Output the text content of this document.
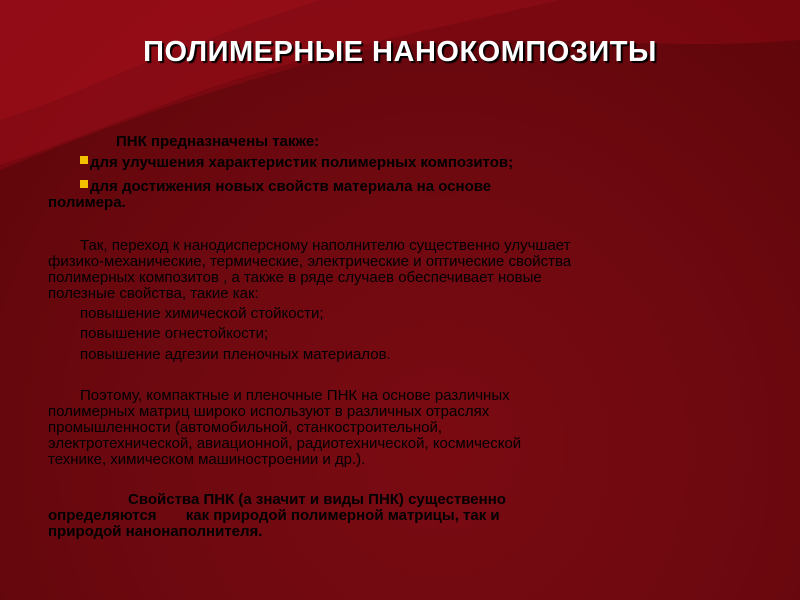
ПОЛИМЕРНЫЕ НАНОКОМПОЗИТЫ
ПНК предназначены также:
для улучшения характеристик полимерных композитов;
для достижения новых свойств материала на основе
полимера.
Так, переход к нанодисперсному наполнителю существенно улучшает
физико-механические, термические, электрические и оптические свойства
полимерных композитов , а также в ряде случаев обеспечивает новые
полезные свойства, такие как:
повышение химической стойкости;
повышение огнестойкости;
повышение адгезии пленочных материалов.
Поэтому, компактные и пленочные ПНК на основе различных
полимерных матриц широко используют в различных отраслях
промышленности (автомобильной, станкостроительной,
электротехнической, авиационной, радиотехнической, космической
технике, химическом машиностроении и др.).
Свойства ПНК (а значит и виды ПНК) существенно
определяются       как природой полимерной матрицы, так и
природой нанонаполнителя.
